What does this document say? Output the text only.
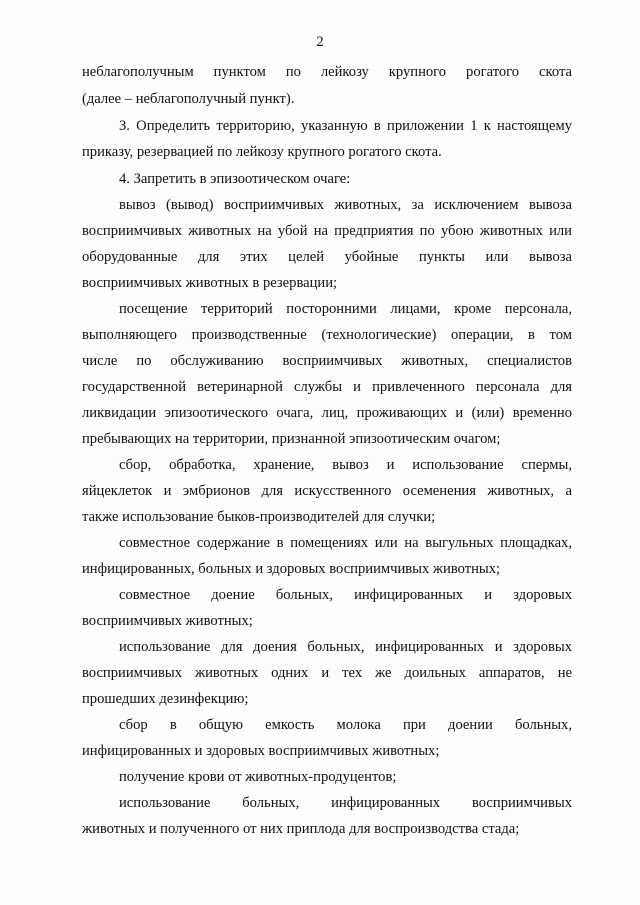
2
неблагополучным пунктом по лейкозу крупного рогатого скота
(далее – неблагополучный пункт).
3. Определить территорию, указанную в приложении 1 к настоящему
приказу, резервацией по лейкозу крупного рогатого скота.
4. Запретить в эпизоотическом очаге:
вывоз (вывод) восприимчивых животных, за исключением вывоза
восприимчивых животных на убой на предприятия по убою животных или
оборудованные для этих целей убойные пункты или вывоза
восприимчивых животных в резервации;
посещение территорий посторонними лицами, кроме персонала,
выполняющего производственные (технологические) операции, в том
числе по обслуживанию восприимчивых животных, специалистов
государственной ветеринарной службы и привлеченного персонала для
ликвидации эпизоотического очага, лиц, проживающих и (или) временно
пребывающих на территории, признанной эпизоотическим очагом;
сбор, обработка, хранение, вывоз и использование спермы,
яйцеклеток и эмбрионов для искусственного осеменения животных, а
также использование быков-производителей для случки;
совместное содержание в помещениях или на выгульных площадках,
инфицированных, больных и здоровых восприимчивых животных;
совместное доение больных, инфицированных и здоровых
восприимчивых животных;
использование для доения больных, инфицированных и здоровых
восприимчивых животных одних и тех же доильных аппаратов, не
прошедших дезинфекцию;
сбор в общую емкость молока при доении больных,
инфицированных и здоровых восприимчивых животных;
получение крови от животных-продуцентов;
использование больных, инфицированных восприимчивых
животных и полученного от них приплода для воспроизводства стада;
